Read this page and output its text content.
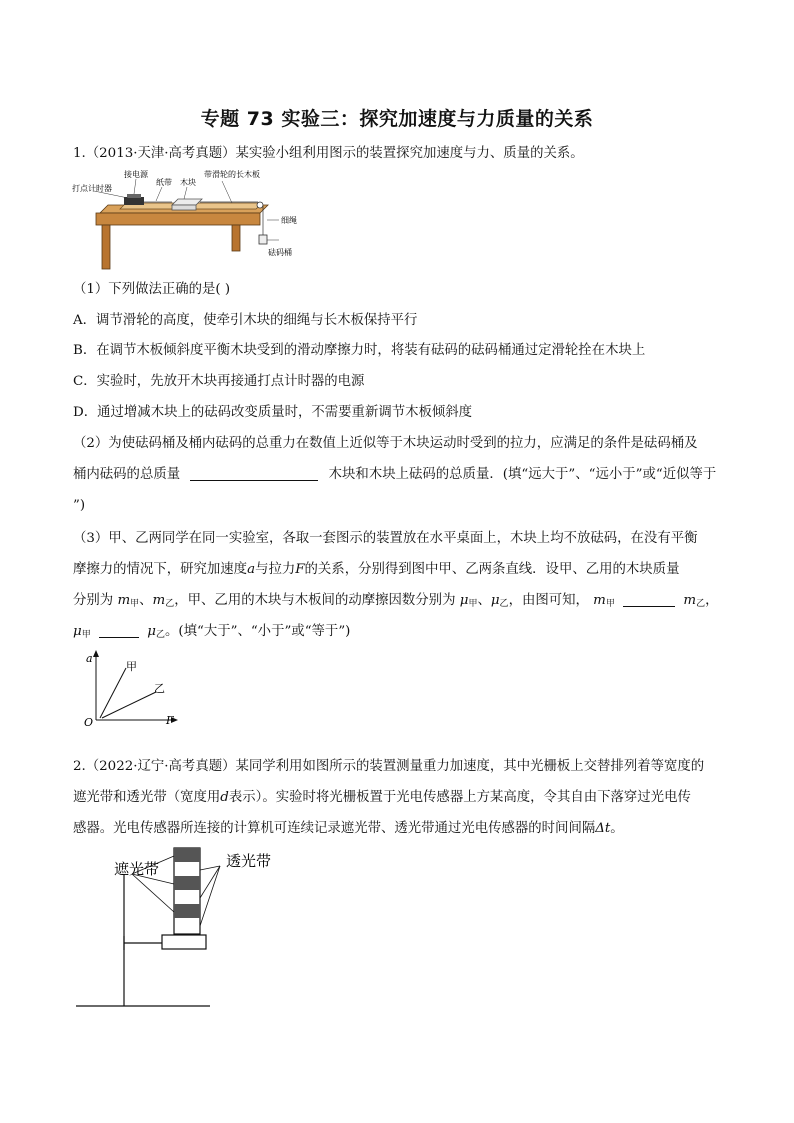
专题 73 实验三：探究加速度与力质量的关系
1.（2013·天津·高考真题）某实验小组利用图示的装置探究加速度与力、质量的关系。
接电源
打点计时器
纸带 木块
带滑轮的长木板
细绳
砝码桶
（1）下列做法正确的是( )
A．调节滑轮的高度，使牵引木块的细绳与长木板保持平行
B．在调节木板倾斜度平衡木块受到的滑动摩擦力时，将装有砝码的砝码桶通过定滑轮拴在木块上
C．实验时，先放开木块再接通打点计时器的电源
D．通过增减木块上的砝码改变质量时，不需要重新调节木板倾斜度
（2）为使砝码桶及桶内砝码的总重力在数值上近似等于木块运动时受到的拉力，应满足的条件是砝码桶及
桶内砝码的总质量	木块和木块上砝码的总质量．(填“远大于”、“远小于”或“近似等于
”)
（3）甲、乙两同学在同一实验室，各取一套图示的装置放在水平桌面上，木块上均不放砝码，在没有平衡
摩擦力的情况下，研究加速度a与拉力F的关系，分别得到图中甲、乙两条直线．设甲、乙用的木块质量
分别为 $m_甲$、$m_乙$，甲、乙用的木块与木板间的动摩擦因数分别为 $\mu_甲$、$\mu_乙$，由图可知， $m_甲$	$m_乙$，
$\mu_甲$	$\mu_乙$。(填“大于”、“小于”或“等于”)
a
F
O
甲
乙
2.（2022·辽宁·高考真题）某同学利用如图所示的装置测量重力加速度，其中光栅板上交替排列着等宽度的
遮光带和透光带（宽度用d表示）。实验时将光栅板置于光电传感器上方某高度，令其自由下落穿过光电传
感器。光电传感器所连接的计算机可连续记录遮光带、透光带通过光电传感器的时间间隔Δt。
遮光带	透光带
